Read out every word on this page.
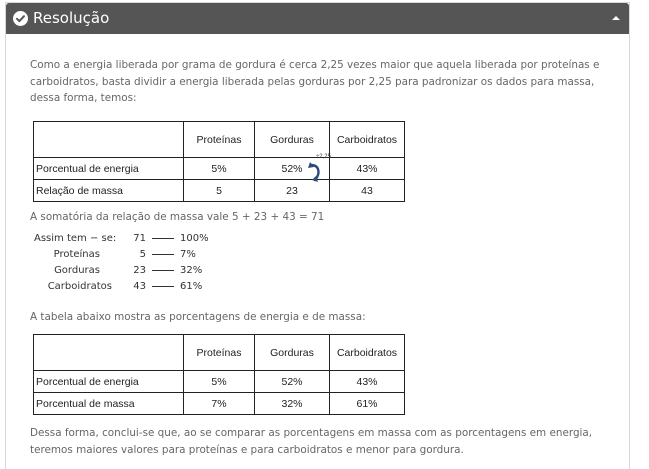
Resolução
Como a energia liberada por grama de gordura é cerca 2,25 vezes maior que aquela liberada por proteínas e carboidratos, basta dividir a energia liberada pelas gorduras por 2,25 para padronizar os dados para massa, dessa forma, temos:
	Proteínas	Gorduras	Carboidratos
Porcentual de energia	5%	52%	43%
Relação de massa	5	23	43
÷2,25
A somatória da relação de massa vale 5 + 23 + 43 = 71
Assim tem − se: 71	100%
Proteínas	5	7%
Gorduras	23	32%
Carboidratos 43	61%
A tabela abaixo mostra as porcentagens de energia e de massa:
	Proteínas	Gorduras	Carboidratos
Porcentual de energia	5%	52%	43%
Porcentual de massa	7%	32%	61%
Dessa forma, conclui-se que, ao se comparar as porcentagens em massa com as porcentagens em energia, teremos maiores valores para proteínas e para carboidratos e menor para gordura.
